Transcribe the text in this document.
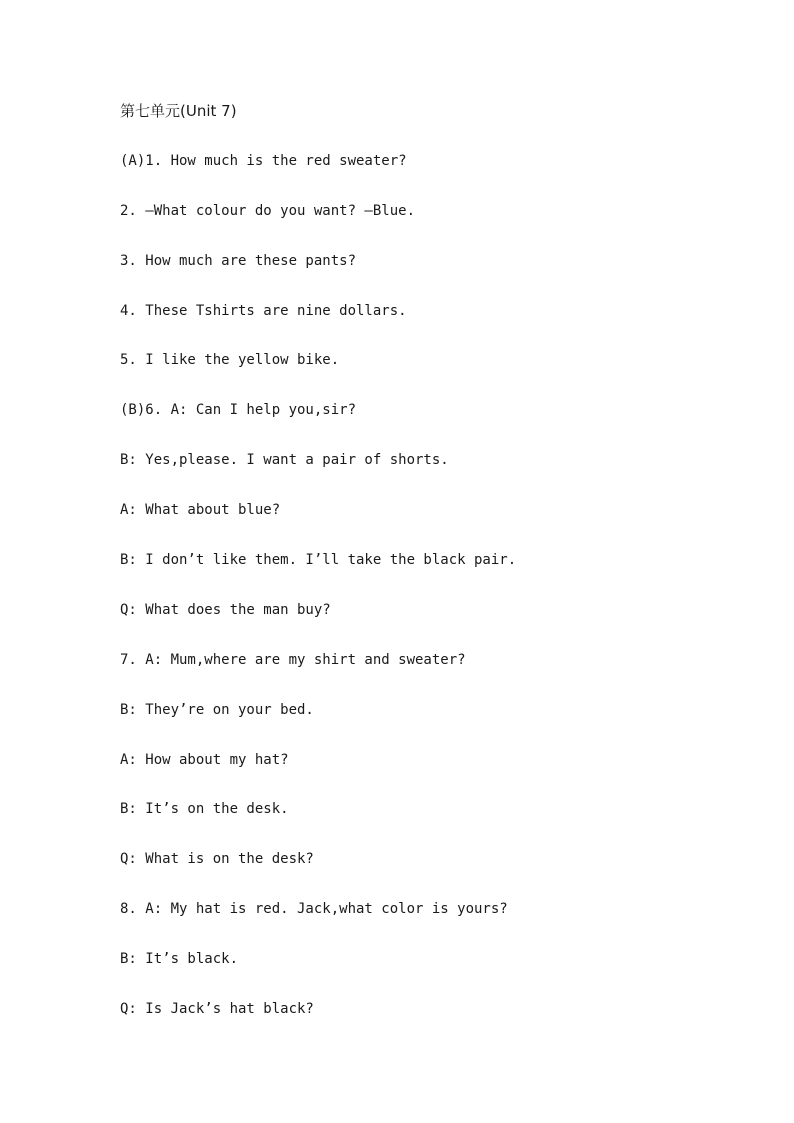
第七单元(Unit 7)
(A)1. How much is the red sweater?
2. —What colour do you want? —Blue.
3. How much are these pants?
4. These Tshirts are nine dollars.
5. I like the yellow bike.
(B)6. A: Can I help you,sir?
B: Yes,please. I want a pair of shorts.
A: What about blue?
B: I don’t like them. I’ll take the black pair.
Q: What does the man buy?
7. A: Mum,where are my shirt and sweater?
B: They’re on your bed.
A: How about my hat?
B: It’s on the desk.
Q: What is on the desk?
8. A: My hat is red. Jack,what color is yours?
B: It’s black.
Q: Is Jack’s hat black?
